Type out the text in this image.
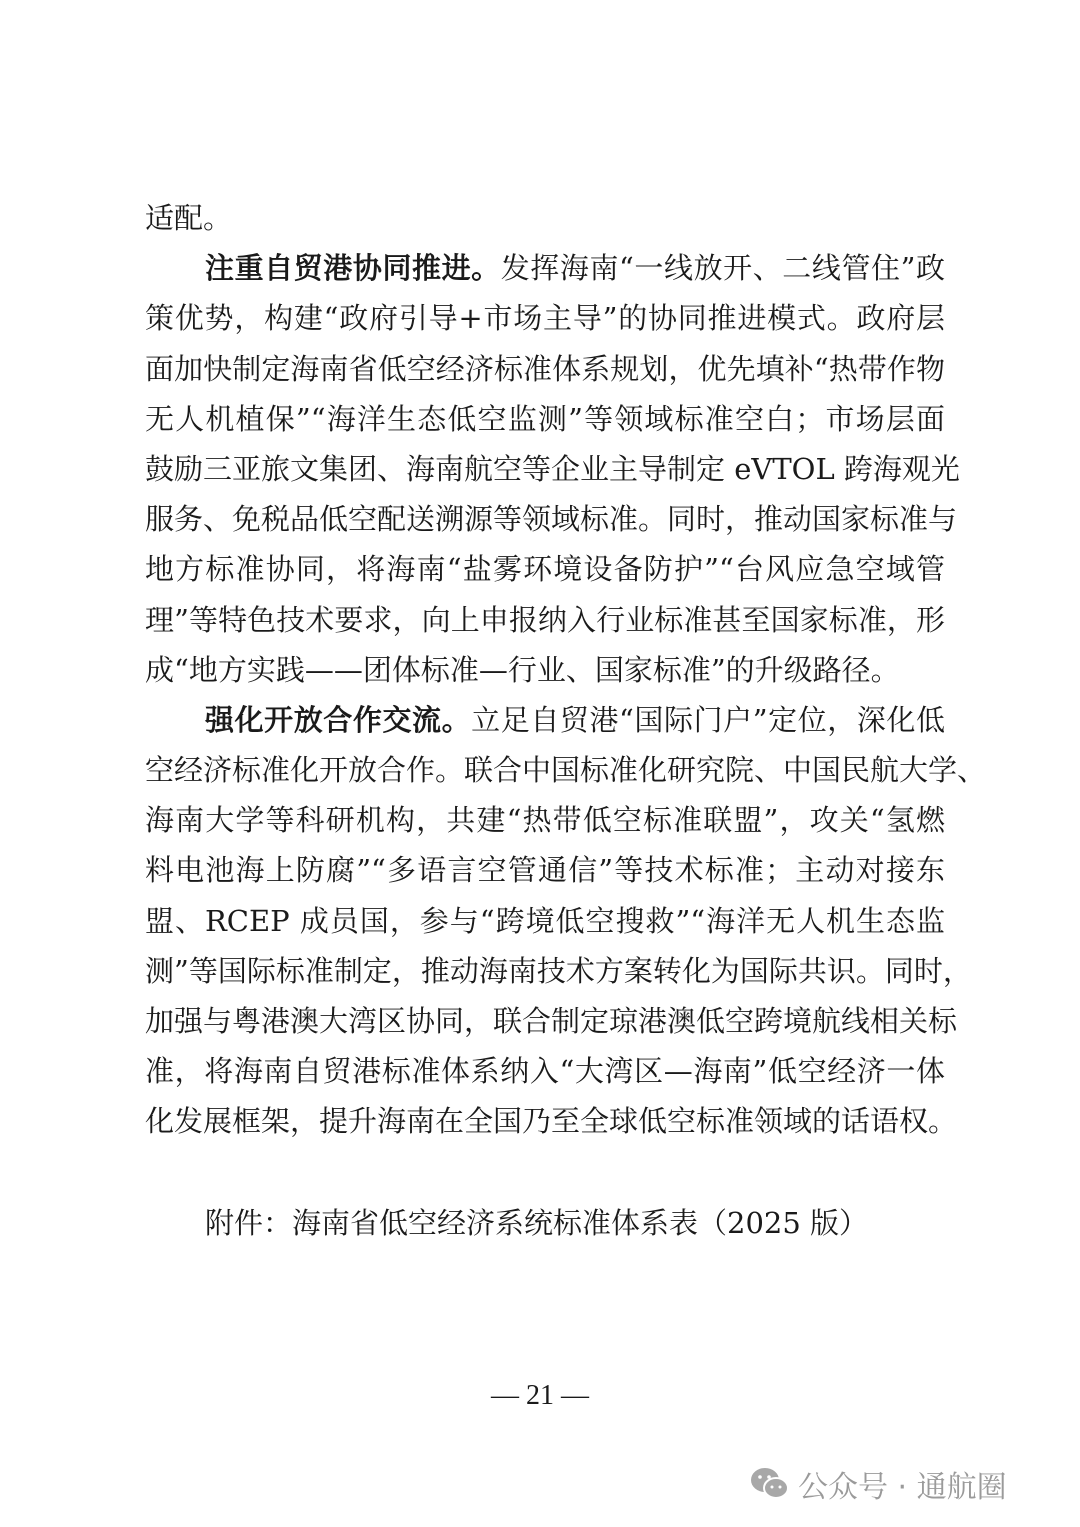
适配。
注重自贸港协同推进。发挥海南“一线放开、二线管住”政
策优势，构建“政府引导+市场主导”的协同推进模式。政府层
面加快制定海南省低空经济标准体系规划，优先填补“热带作物
无人机植保”“海洋生态低空监测”等领域标准空白；市场层面
鼓励三亚旅文集团、海南航空等企业主导制定 eVTOL 跨海观光
服务、免税品低空配送溯源等领域标准。同时，推动国家标准与
地方标准协同，将海南“盐雾环境设备防护”“台风应急空域管
理”等特色技术要求，向上申报纳入行业标准甚至国家标准，形
成“地方实践——团体标准—行业、国家标准”的升级路径。
强化开放合作交流。立足自贸港“国际门户”定位，深化低
空经济标准化开放合作。联合中国标准化研究院、中国民航大学、
海南大学等科研机构，共建“热带低空标准联盟”，攻关“氢燃
料电池海上防腐”“多语言空管通信”等技术标准；主动对接东
盟、RCEP 成员国，参与“跨境低空搜救”“海洋无人机生态监
测”等国际标准制定，推动海南技术方案转化为国际共识。同时，
加强与粤港澳大湾区协同，联合制定琼港澳低空跨境航线相关标
准，将海南自贸港标准体系纳入“大湾区—海南”低空经济一体
化发展框架，提升海南在全国乃至全球低空标准领域的话语权。
附件：海南省低空经济系统标准体系表（2025 版）
— 21 —
公众号 · 通航圈
